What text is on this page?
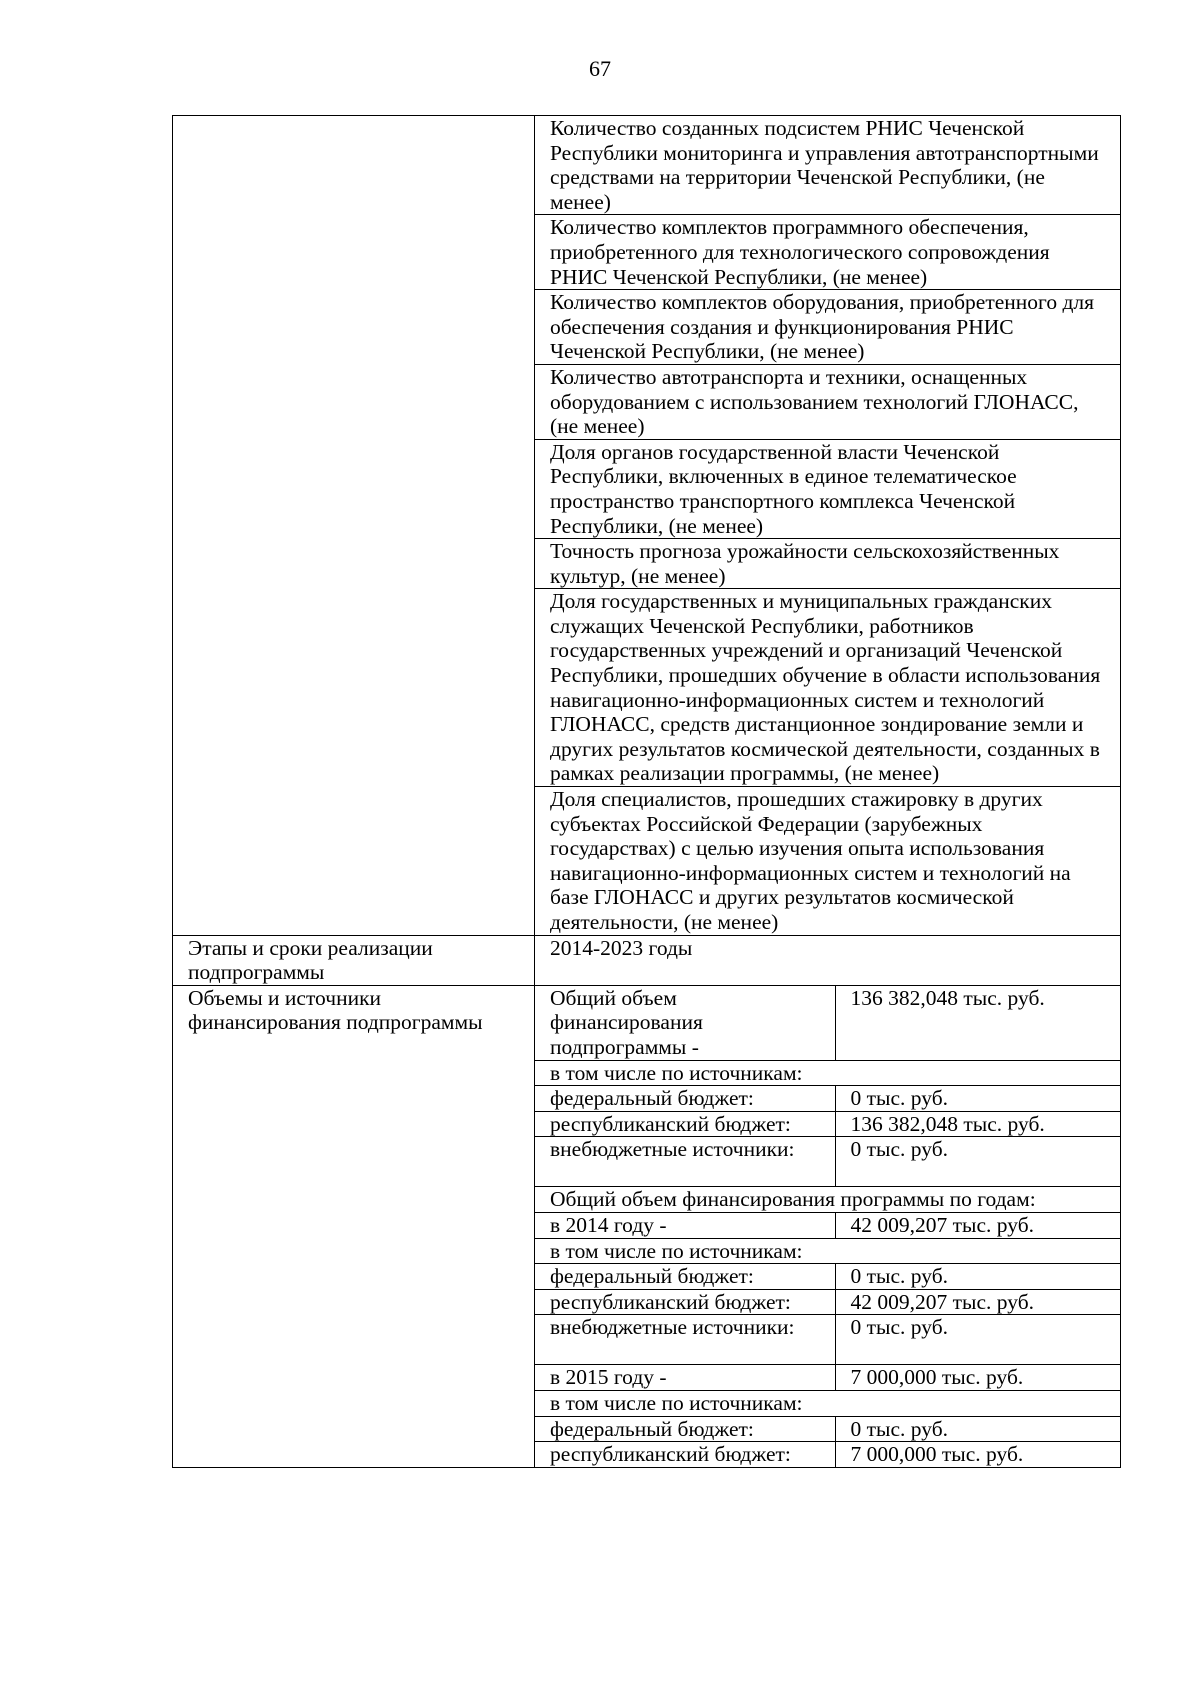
67
	Количество созданных подсистем РНИС Чеченской Республики мониторинга и управления автотранспортными средствами на территории Чеченской Республики, (не менее)
	Количество комплектов программного обеспечения, приобретенного для технологического сопровождения РНИС Чеченской Республики, (не менее)
	Количество комплектов оборудования, приобретенного для обеспечения создания и функционирования РНИС Чеченской Республики, (не менее)
	Количество автотранспорта и техники, оснащенных оборудованием с использованием технологий ГЛОНАСС, (не менее)
	Доля органов государственной власти Чеченской Республики, включенных в единое телематическое пространство транспортного комплекса Чеченской Республики, (не менее)
	Точность прогноза урожайности сельскохозяйственных культур, (не менее)
	Доля государственных и муниципальных гражданских служащих Чеченской Республики, работников государственных учреждений и организаций Чеченской Республики, прошедших обучение в области использования навигационно-информационных систем и технологий ГЛОНАСС, средств дистанционное зондирование земли и других результатов космической деятельности, созданных в рамках реализации программы, (не менее)
	Доля специалистов, прошедших стажировку в других субъектах Российской Федерации (зарубежных государствах) с целью изучения опыта использования навигационно-информационных систем и технологий на базе ГЛОНАСС и других результатов космической деятельности, (не менее)
Этапы и сроки реализации подпрограммы	2014-2023 годы
Объемы и источники финансирования подпрограммы	
Общий объем финансирования подпрограммы -	136 382,048 тыс. руб.
в том числе по источникам:
федеральный бюджет:	0 тыс. руб.
республиканский бюджет:	136 382,048 тыс. руб.
внебюджетные источники:	0 тыс. руб.
Общий объем финансирования программы по годам:
в 2014 году -	42 009,207 тыс. руб.
в том числе по источникам:
федеральный бюджет:	0 тыс. руб.
республиканский бюджет:	42 009,207 тыс. руб.
внебюджетные источники:	0 тыс. руб.
в 2015 году -	7 000,000 тыс. руб.
в том числе по источникам:
федеральный бюджет:	0 тыс. руб.
республиканский бюджет:	7 000,000 тыс. руб.
